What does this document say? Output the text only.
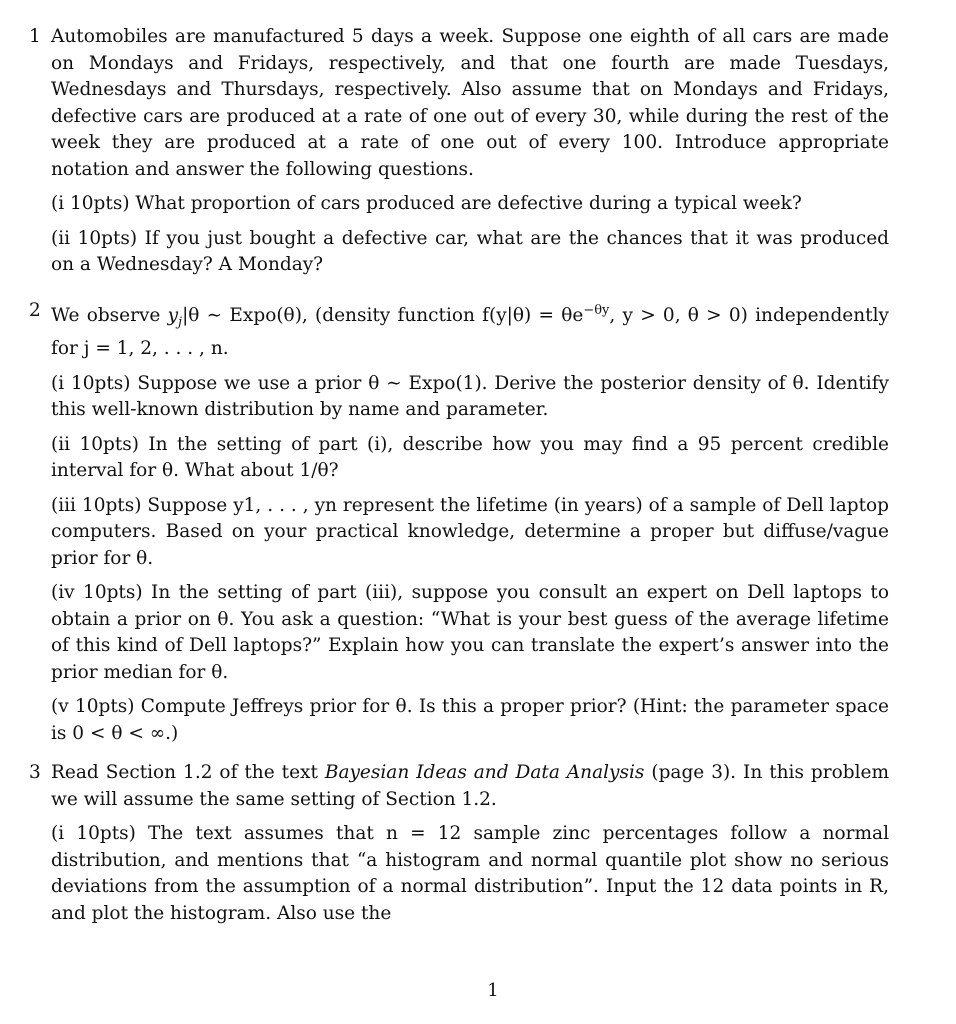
1 Automobiles are manufactured 5 days a week. Suppose one eighth of all cars are made on Mondays and Fridays, respectively, and that one fourth are made Tuesdays, Wednesdays and Thursdays, respectively. Also assume that on Mondays and Fridays, defective cars are produced at a rate of one out of every 30, while during the rest of the week they are produced at a rate of one out of every 100. Introduce appropriate notation and answer the following questions.

(i 10pts) What proportion of cars produced are defective during a typical week?

(ii 10pts) If you just bought a defective car, what are the chances that it was produced on a Wednesday? A Monday?

2 We observe $y_j|\theta$ ∼ Expo(θ), (density function $f(y|\theta) = \theta e^{-\theta y}$, y > 0, θ > 0) independently for j = 1, 2, . . . , n.

(i 10pts) Suppose we use a prior θ ∼ Expo(1). Derive the posterior density of θ. Identify this well-known distribution by name and parameter.

(ii 10pts) In the setting of part (i), describe how you may find a 95 percent credible interval for θ. What about 1/θ?

(iii 10pts) Suppose y1, . . . , yn represent the lifetime (in years) of a sample of Dell laptop computers. Based on your practical knowledge, determine a proper but diffuse/vague prior for θ.

(iv 10pts) In the setting of part (iii), suppose you consult an expert on Dell laptops to obtain a prior on θ. You ask a question: “What is your best guess of the average lifetime of this kind of Dell laptops?” Explain how you can translate the expert’s answer into the prior median for θ.

(v 10pts) Compute Jeffreys prior for θ. Is this a proper prior? (Hint: the parameter space is 0 < θ < ∞.)

3 Read Section 1.2 of the text Bayesian Ideas and Data Analysis (page 3). In this problem we will assume the same setting of Section 1.2.

(i 10pts) The text assumes that n = 12 sample zinc percentages follow a normal distribution, and mentions that “a histogram and normal quantile plot show no serious deviations from the assumption of a normal distribution”. Input the 12 data points in R, and plot the histogram. Also use the

1
